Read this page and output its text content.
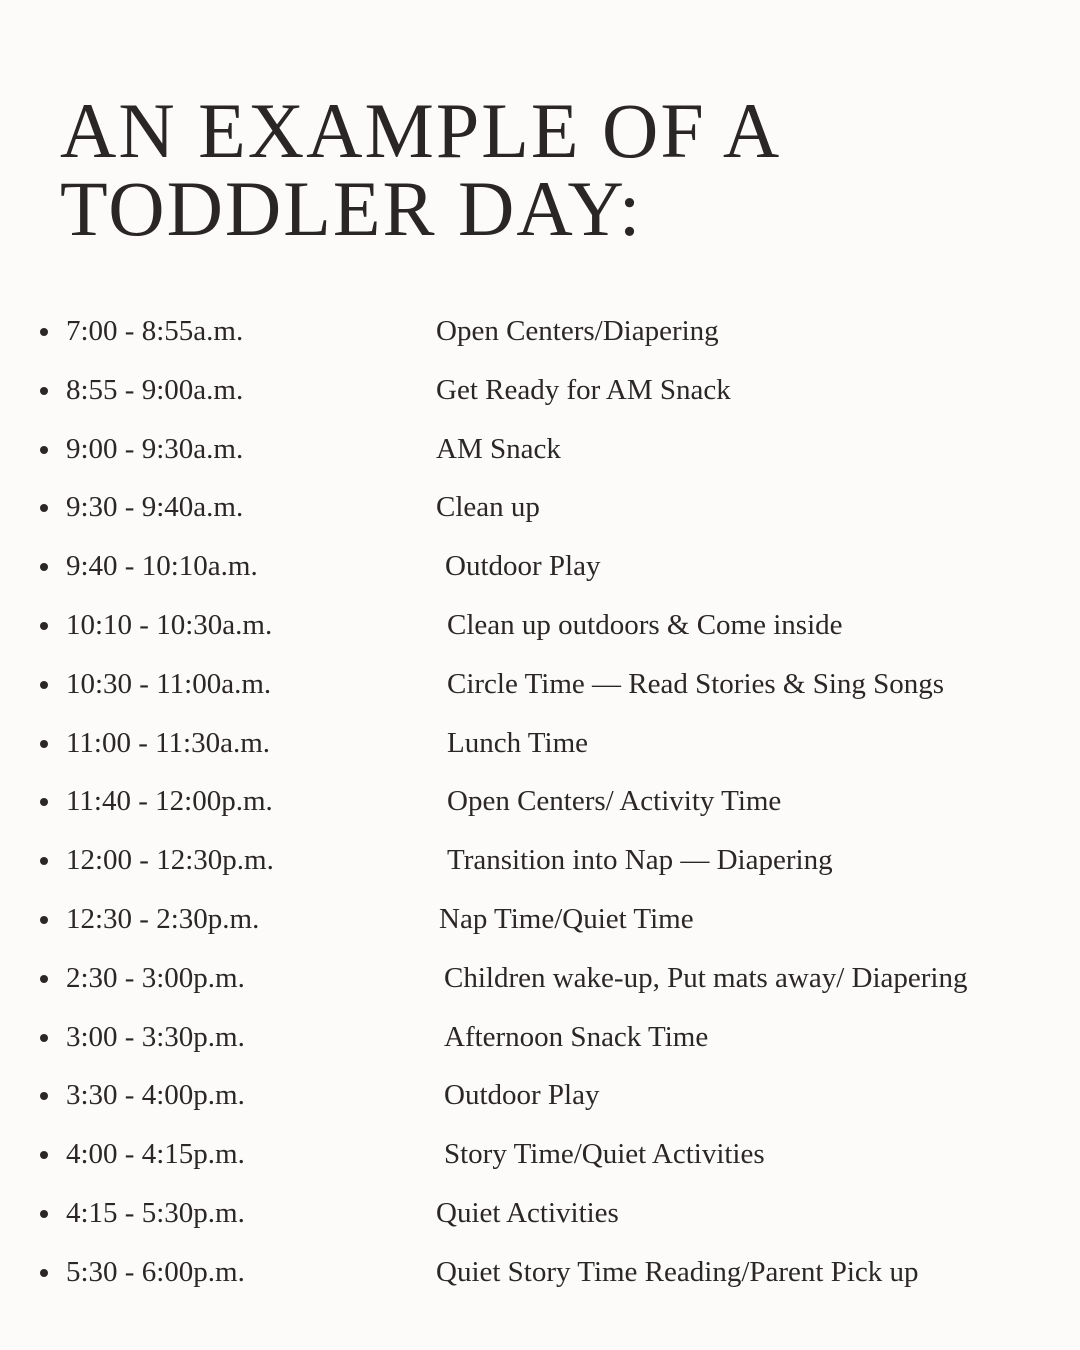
AN EXAMPLE OF A
TODDLER DAY:
7:00 - 8:55a.m.	Open Centers/Diapering
8:55 - 9:00a.m.	Get Ready for AM Snack
9:00 - 9:30a.m.	AM Snack
9:30 - 9:40a.m.	Clean up
9:40 - 10:10a.m.	Outdoor Play
10:10 - 10:30a.m.	Clean up outdoors & Come inside
10:30 - 11:00a.m.	Circle Time — Read Stories & Sing Songs
11:00 - 11:30a.m.	Lunch Time
11:40 - 12:00p.m.	Open Centers/ Activity Time
12:00 - 12:30p.m.	Transition into Nap — Diapering
12:30 - 2:30p.m.	Nap Time/Quiet Time
2:30 - 3:00p.m.	Children wake-up, Put mats away/ Diapering
3:00 - 3:30p.m.	Afternoon Snack Time
3:30 - 4:00p.m.	Outdoor Play
4:00 - 4:15p.m.	Story Time/Quiet Activities
4:15 - 5:30p.m.	Quiet Activities
5:30 - 6:00p.m.	Quiet Story Time Reading/Parent Pick up
